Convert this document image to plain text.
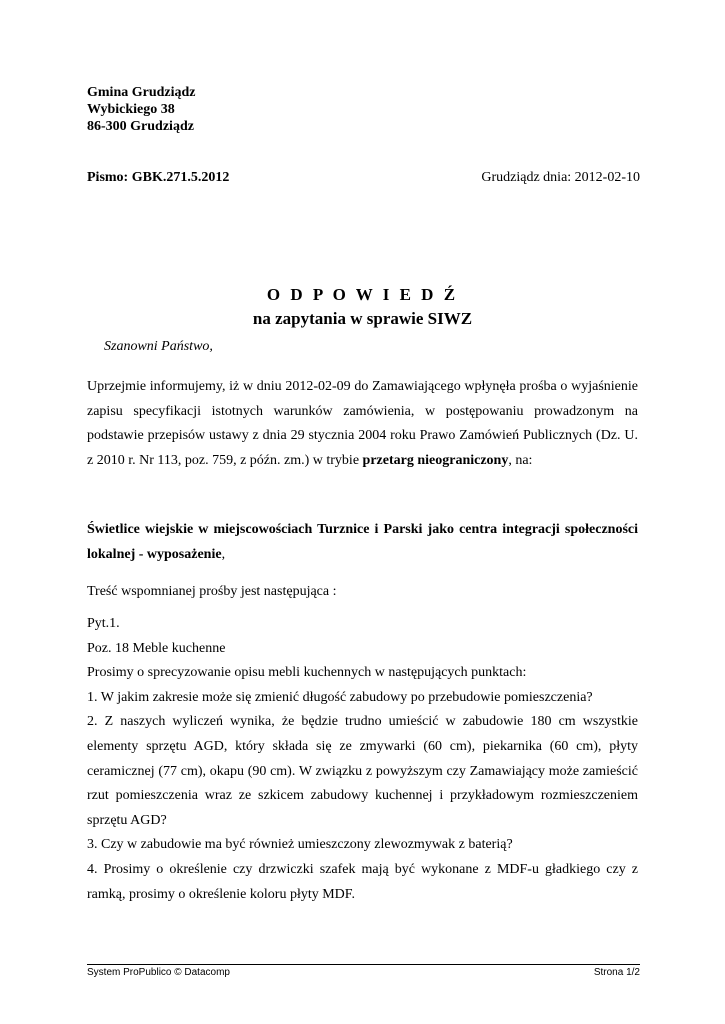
Gmina Grudziądz
Wybickiego 38
86-300 Grudziądz
Pismo: GBK.271.5.2012	Grudziądz dnia: 2012-02-10
O D P O W I E D Ź
na zapytania w sprawie SIWZ
Szanowni Państwo,
Uprzejmie informujemy, iż w dniu 2012-02-09 do Zamawiającego wpłynęła prośba o wyjaśnienie zapisu specyfikacji istotnych warunków zamówienia, w postępowaniu prowadzonym na podstawie przepisów ustawy z dnia 29 stycznia 2004 roku Prawo Zamówień Publicznych (Dz. U. z 2010 r. Nr 113, poz. 759, z późn. zm.) w trybie przetarg nieograniczony, na:
Świetlice wiejskie w miejscowościach Turznice i Parski jako centra integracji społeczności lokalnej - wyposażenie,
Treść wspomnianej prośby jest następująca :
Pyt.1.
Poz. 18 Meble kuchenne
Prosimy o sprecyzowanie opisu mebli kuchennych w następujących punktach:
1. W jakim zakresie może się zmienić długość zabudowy po przebudowie pomieszczenia?
2. Z naszych wyliczeń wynika, że będzie trudno umieścić w zabudowie 180 cm wszystkie elementy sprzętu AGD, który składa się ze zmywarki (60 cm), piekarnika (60 cm), płyty ceramicznej (77 cm), okapu (90 cm). W związku z powyższym czy Zamawiający może zamieścić rzut pomieszczenia wraz ze szkicem zabudowy kuchennej i przykładowym rozmieszczeniem sprzętu AGD?
3. Czy w zabudowie ma być również umieszczony zlewozmywak z baterią?
4. Prosimy o określenie czy drzwiczki szafek mają być wykonane z MDF-u gładkiego czy z ramką, prosimy o określenie koloru płyty MDF.
System ProPublico © Datacomp	Strona 1/2
